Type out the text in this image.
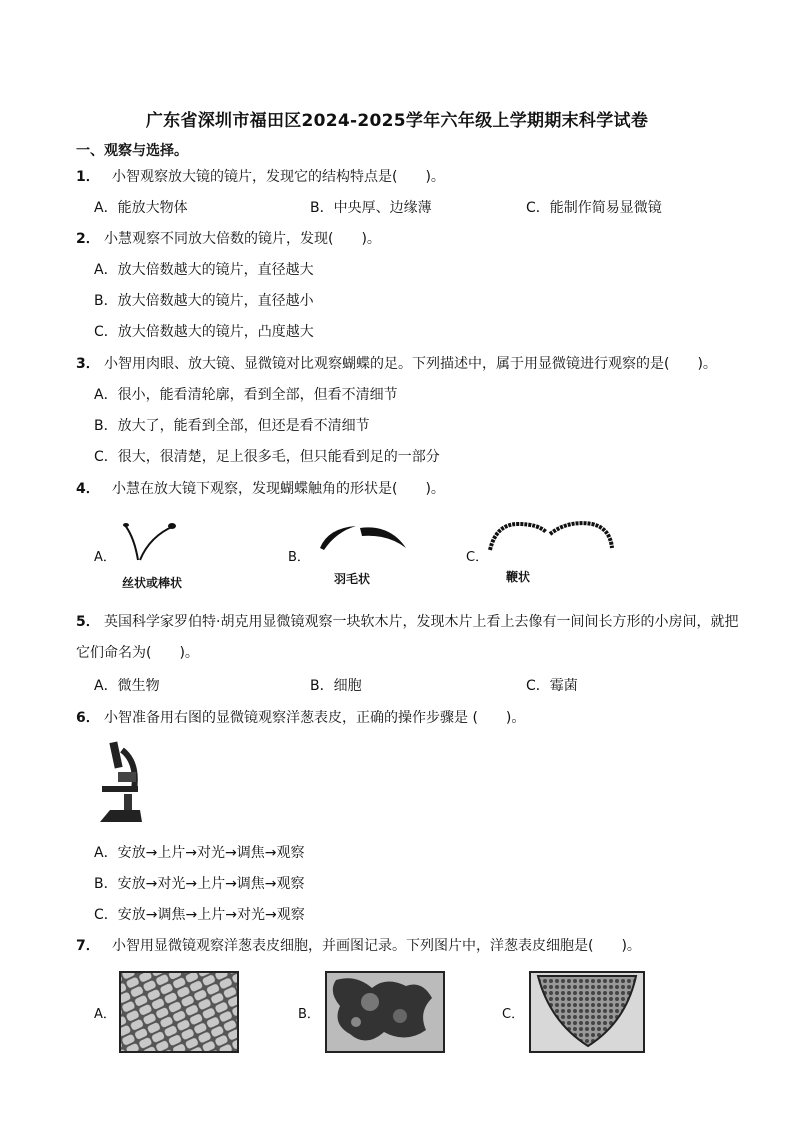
广东省深圳市福田区2024-2025学年六年级上学期期末科学试卷
一、观察与选择。
1． 小智观察放大镜的镜片，发现它的结构特点是(　　)。
A．能放大物体	B．中央厚、边缘薄	C．能制作简易显微镜
2． 小慧观察不同放大倍数的镜片，发现(　　)。
A．放大倍数越大的镜片，直径越大
B．放大倍数越大的镜片，直径越小
C．放大倍数越大的镜片，凸度越大
3． 小智用肉眼、放大镜、显微镜对比观察蝴蝶的足。下列描述中，属于用显微镜进行观察的是(　　)。
A．很小，能看清轮廓，看到全部，但看不清细节
B．放大了，能看到全部，但还是看不清细节
C．很大，很清楚，足上很多毛，但只能看到足的一部分
4． 小慧在放大镜下观察，发现蝴蝶触角的形状是(　　)。
A．
丝状或棒状
B．
羽毛状
C．
鞭状
5． 英国科学家罗伯特·胡克用显微镜观察一块软木片，发现木片上看上去像有一间间长方形的小房间，就把它们命名为(　　)。
A．微生物	B．细胞	C．霉菌
6． 小智准备用右图的显微镜观察洋葱表皮，正确的操作步骤是 (　　)。
A．安放→上片→对光→调焦→观察
B．安放→对光→上片→调焦→观察
C．安放→调焦→上片→对光→观察
7． 小智用显微镜观察洋葱表皮细胞，并画图记录。下列图片中，洋葱表皮细胞是(　　)。
A．	B．	C．
